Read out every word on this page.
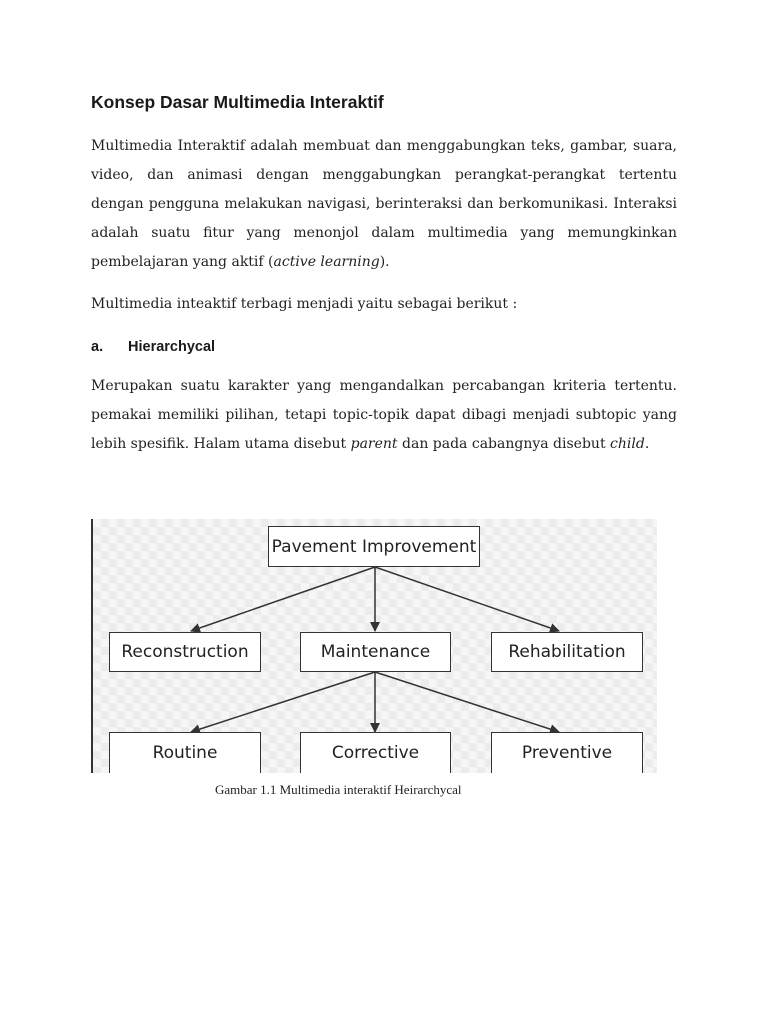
Konsep Dasar Multimedia Interaktif

Multimedia Interaktif adalah membuat dan menggabungkan teks, gambar, suara, video, dan animasi dengan menggabungkan perangkat-perangkat tertentu dengan pengguna melakukan navigasi, berinteraksi dan berkomunikasi. Interaksi adalah suatu fitur yang menonjol dalam multimedia yang memungkinkan pembelajaran yang aktif (active learning).

Multimedia inteaktif terbagi menjadi yaitu sebagai berikut :

a. Hierarchycal

Merupakan suatu karakter yang mengandalkan percabangan kriteria tertentu. pemakai memiliki pilihan, tetapi topic-topik dapat dibagi menjadi subtopic yang lebih spesifik. Halam utama disebut parent dan pada cabangnya disebut child.

Pavement Improvement
Reconstruction	Maintenance	Rehabilitation
Routine	Corrective	Preventive
Gambar 1.1 Multimedia interaktif Heirarchycal
